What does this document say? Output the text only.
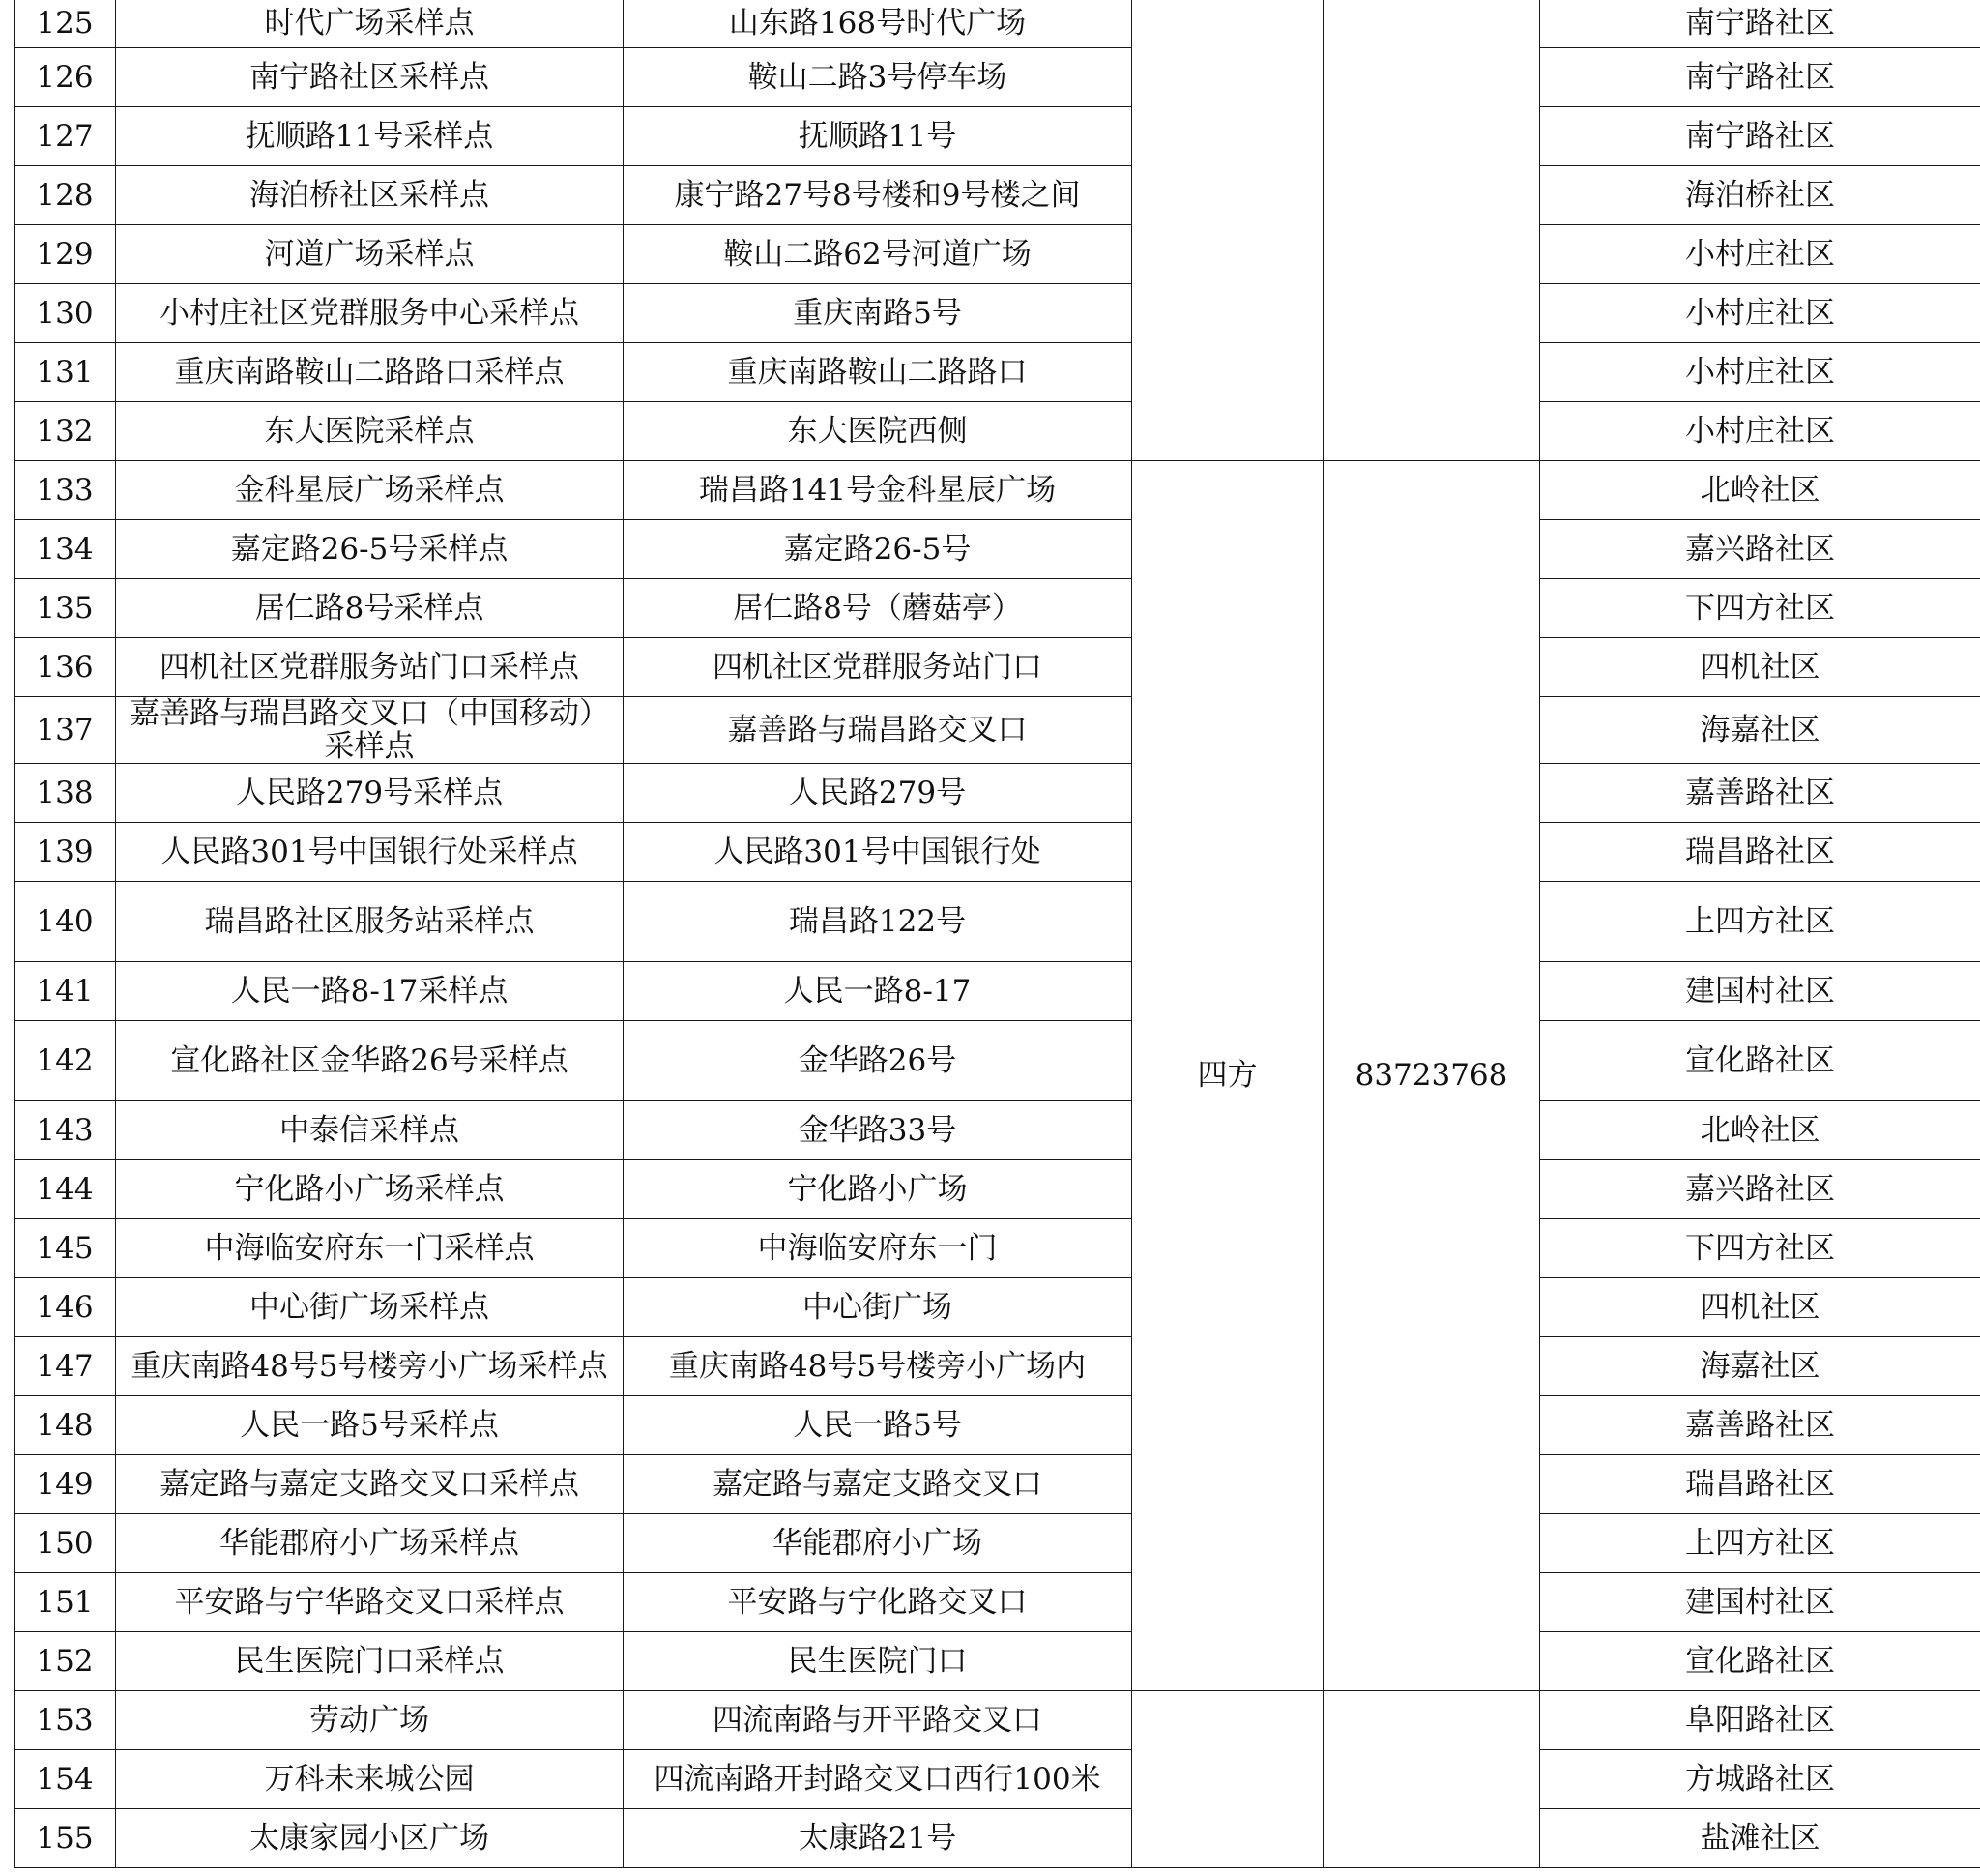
125	时代广场采样点	山东路168号时代广场			南宁路社区
126	南宁路社区采样点	鞍山二路3号停车场			南宁路社区
127	抚顺路11号采样点	抚顺路11号			南宁路社区
128	海泊桥社区采样点	康宁路27号8号楼和9号楼之间			海泊桥社区
129	河道广场采样点	鞍山二路62号河道广场			小村庄社区
130	小村庄社区党群服务中心采样点	重庆南路5号			小村庄社区
131	重庆南路鞍山二路路口采样点	重庆南路鞍山二路路口			小村庄社区
132	东大医院采样点	东大医院西侧			小村庄社区
133	金科星辰广场采样点	瑞昌路141号金科星辰广场	四方	83723768	北岭社区
134	嘉定路26-5号采样点	嘉定路26-5号			嘉兴路社区
135	居仁路8号采样点	居仁路8号（蘑菇亭）			下四方社区
136	四机社区党群服务站门口采样点	四机社区党群服务站门口			四机社区
137	嘉善路与瑞昌路交叉口（中国移动）采样点	嘉善路与瑞昌路交叉口			海嘉社区
138	人民路279号采样点	人民路279号			嘉善路社区
139	人民路301号中国银行处采样点	人民路301号中国银行处			瑞昌路社区
140	瑞昌路社区服务站采样点	瑞昌路122号			上四方社区
141	人民一路8-17采样点	人民一路8-17			建国村社区
142	宣化路社区金华路26号采样点	金华路26号			宣化路社区
143	中泰信采样点	金华路33号			北岭社区
144	宁化路小广场采样点	宁化路小广场			嘉兴路社区
145	中海临安府东一门采样点	中海临安府东一门			下四方社区
146	中心街广场采样点	中心街广场			四机社区
147	重庆南路48号5号楼旁小广场采样点	重庆南路48号5号楼旁小广场内			海嘉社区
148	人民一路5号采样点	人民一路5号			嘉善路社区
149	嘉定路与嘉定支路交叉口采样点	嘉定路与嘉定支路交叉口			瑞昌路社区
150	华能郡府小广场采样点	华能郡府小广场			上四方社区
151	平安路与宁华路交叉口采样点	平安路与宁化路交叉口			建国村社区
152	民生医院门口采样点	民生医院门口			宣化路社区
153	劳动广场	四流南路与开平路交叉口			阜阳路社区
154	万科未来城公园	四流南路开封路交叉口西行100米			方城路社区
155	太康家园小区广场	太康路21号			盐滩社区
